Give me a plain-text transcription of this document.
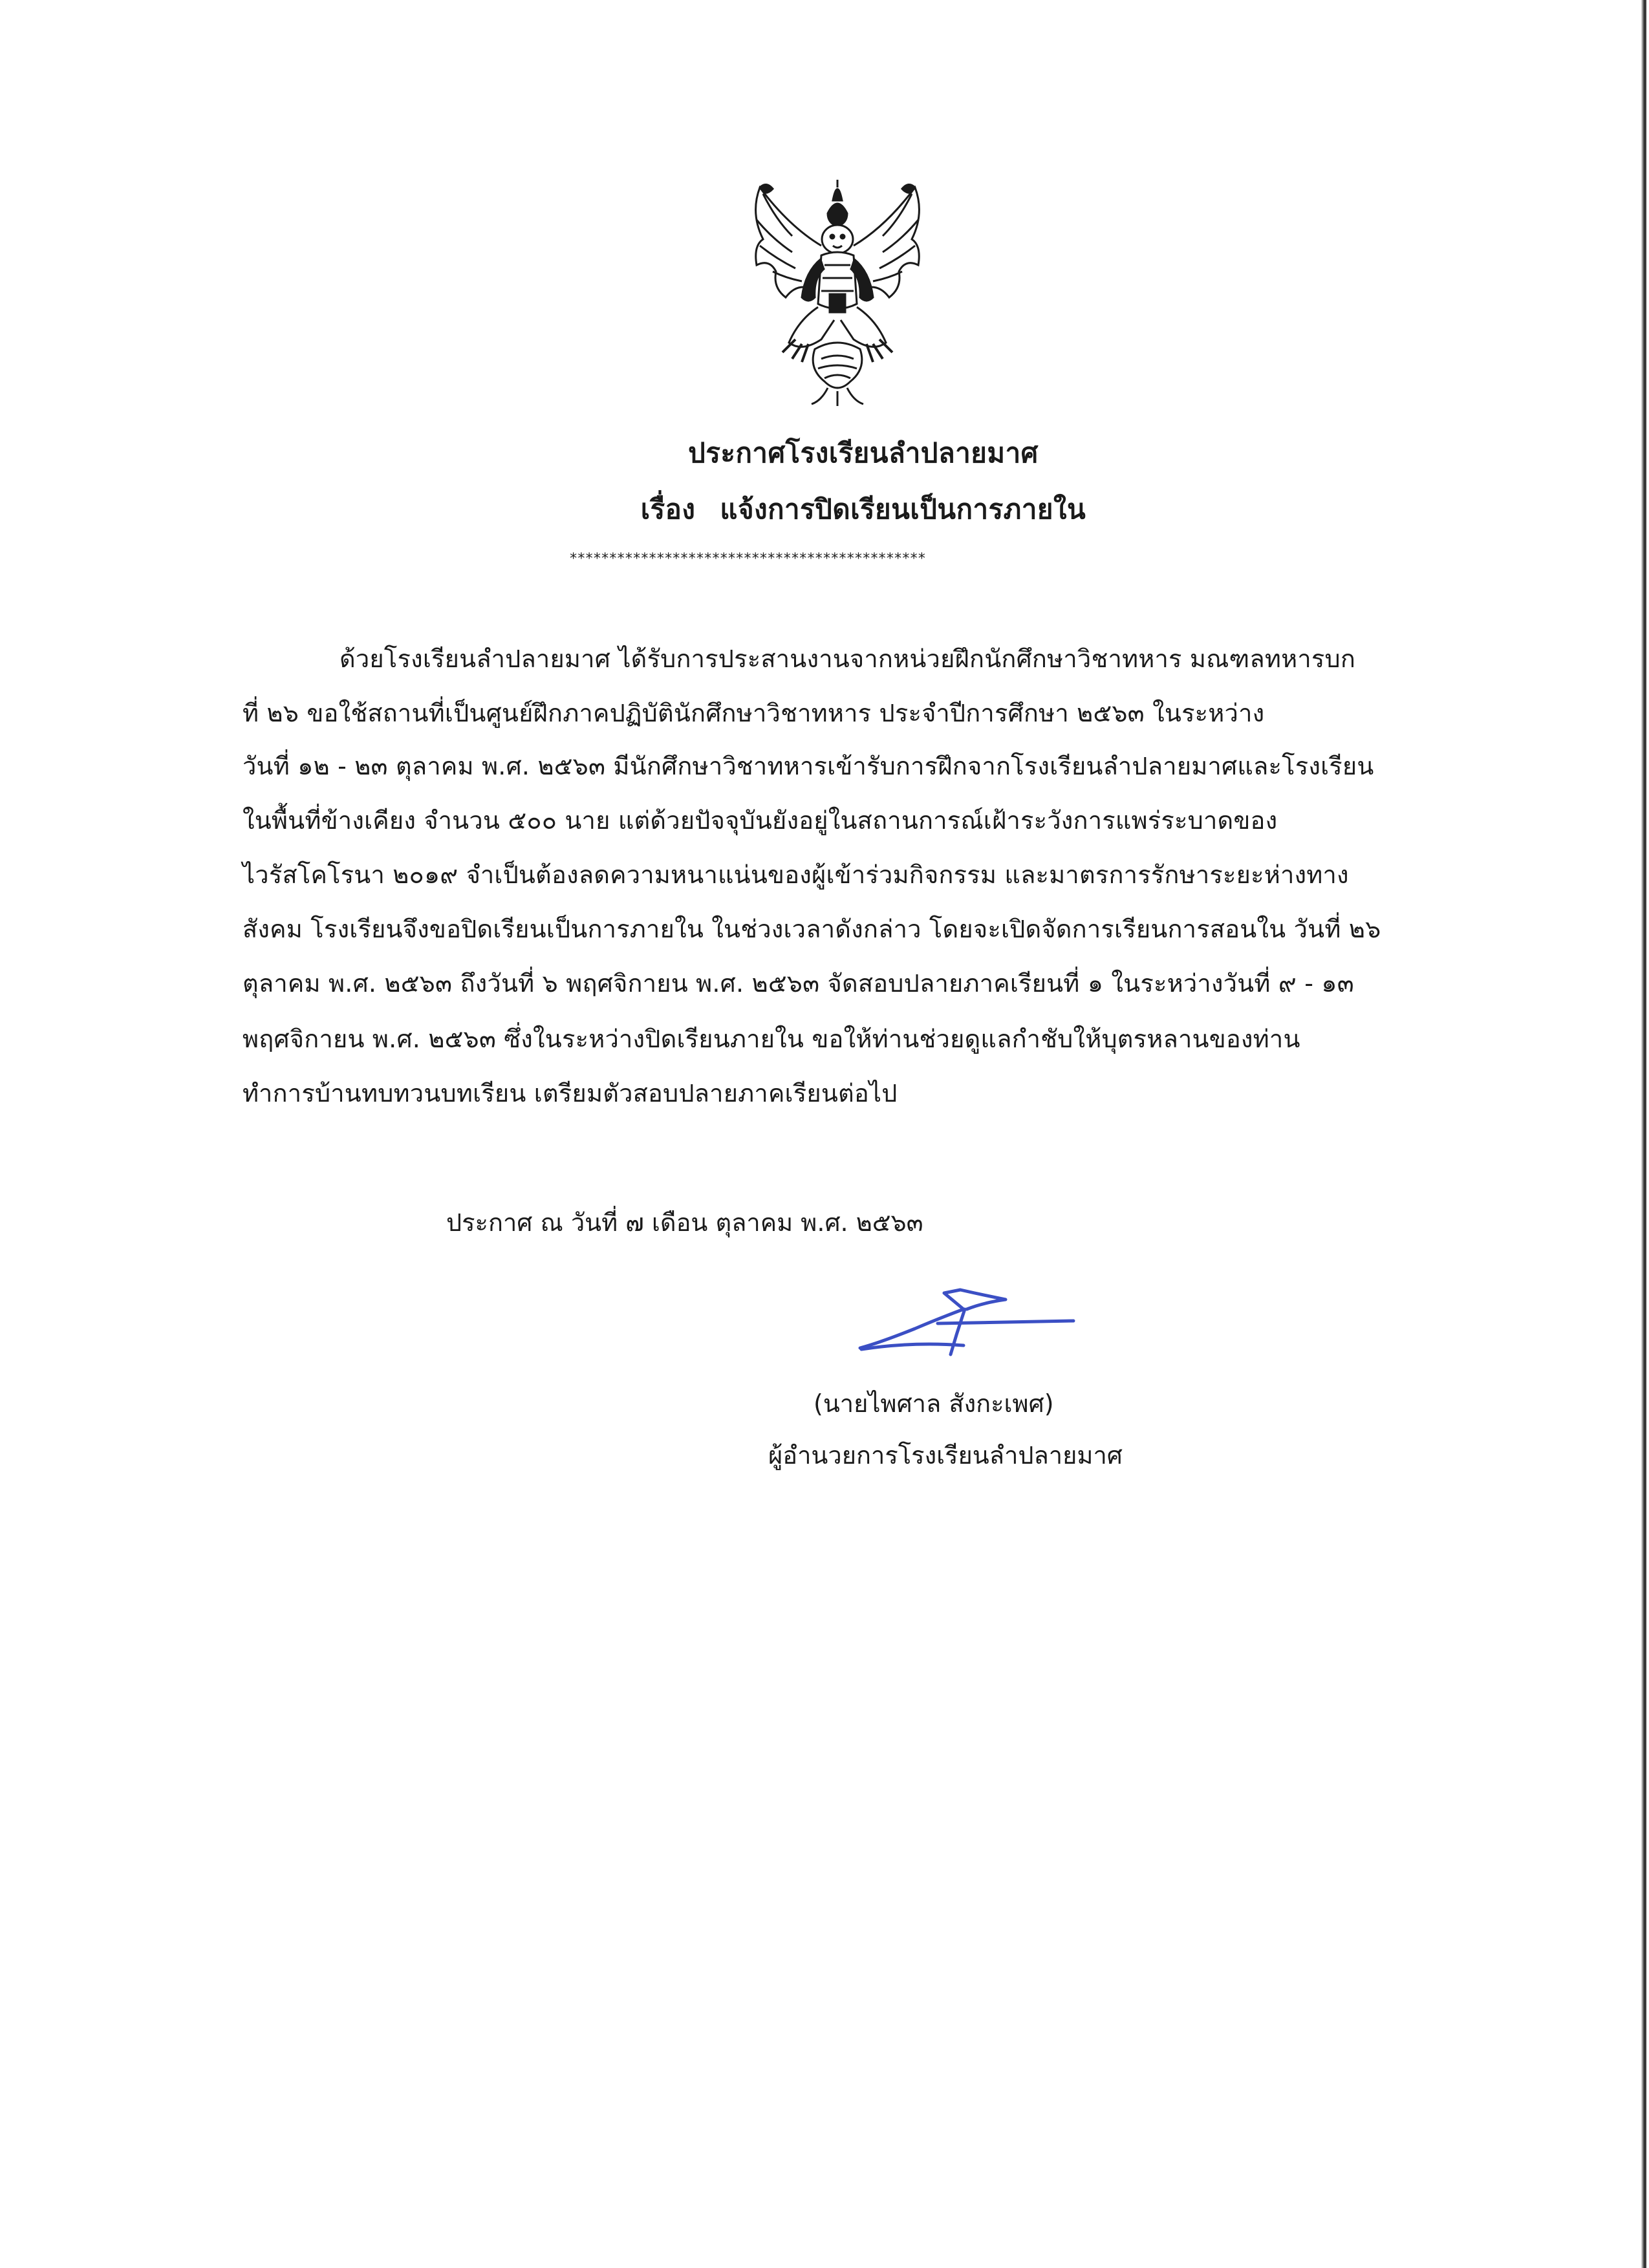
ประกาศโรงเรียนลำปลายมาศ
เรื่อง แจ้งการปิดเรียนเป็นการภายใน
*********************************************
ด้วยโรงเรียนลำปลายมาศ ได้รับการประสานงานจากหน่วยฝึกนักศึกษาวิชาทหาร มณฑลทหารบก
ที่ ๒๖ ขอใช้สถานที่เป็นศูนย์ฝึกภาคปฏิบัตินักศึกษาวิชาทหาร ประจำปีการศึกษา ๒๕๖๓ ในระหว่าง
วันที่ ๑๒ - ๒๓ ตุลาคม พ.ศ. ๒๕๖๓ มีนักศึกษาวิชาทหารเข้ารับการฝึกจากโรงเรียนลำปลายมาศและโรงเรียน
ในพื้นที่ข้างเคียง จำนวน ๕๐๐ นาย แต่ด้วยปัจจุบันยังอยู่ในสถานการณ์เฝ้าระวังการแพร่ระบาดของ
ไวรัสโคโรนา ๒๐๑๙ จำเป็นต้องลดความหนาแน่นของผู้เข้าร่วมกิจกรรม และมาตรการรักษาระยะห่างทาง
สังคม โรงเรียนจึงขอปิดเรียนเป็นการภายใน ในช่วงเวลาดังกล่าว โดยจะเปิดจัดการเรียนการสอนใน วันที่ ๒๖
ตุลาคม พ.ศ. ๒๕๖๓ ถึงวันที่ ๖ พฤศจิกายน พ.ศ. ๒๕๖๓ จัดสอบปลายภาคเรียนที่ ๑ ในระหว่างวันที่ ๙ - ๑๓
พฤศจิกายน พ.ศ. ๒๕๖๓ ซึ่งในระหว่างปิดเรียนภายใน ขอให้ท่านช่วยดูแลกำชับให้บุตรหลานของท่าน
ทำการบ้านทบทวนบทเรียน เตรียมตัวสอบปลายภาคเรียนต่อไป
ประกาศ ณ วันที่ ๗ เดือน ตุลาคม พ.ศ. ๒๕๖๓
(นายไพศาล สังกะเพศ)
ผู้อำนวยการโรงเรียนลำปลายมาศ
